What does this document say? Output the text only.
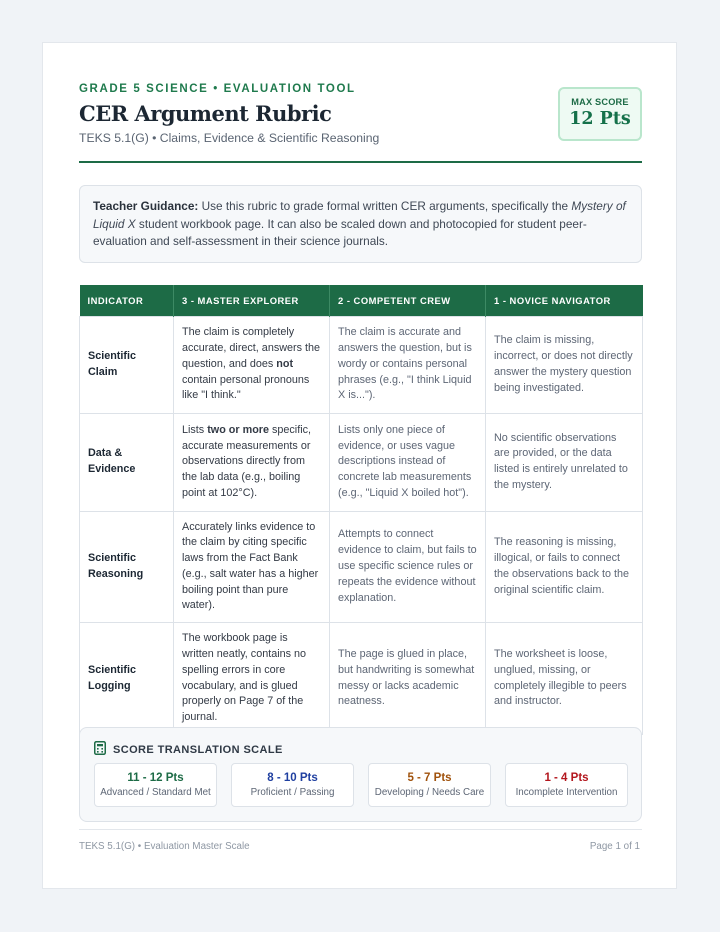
GRADE 5 SCIENCE • EVALUATION TOOL
CER Argument Rubric
TEKS 5.1(G) • Claims, Evidence & Scientific Reasoning
MAX SCORE
12 Pts
Teacher Guidance: Use this rubric to grade formal written CER arguments, specifically the Mystery of Liquid X student workbook page. It can also be scaled down and photocopied for student peer-evaluation and self-assessment in their science journals.
INDICATOR	3 - MASTER EXPLORER	2 - COMPETENT CREW	1 - NOVICE NAVIGATOR
Scientific Claim	The claim is completely accurate, direct, answers the question, and does not contain personal pronouns like "I think."	The claim is accurate and answers the question, but is wordy or contains personal phrases (e.g., "I think Liquid X is...").	The claim is missing, incorrect, or does not directly answer the mystery question being investigated.
Data & Evidence	Lists two or more specific, accurate measurements or observations directly from the lab data (e.g., boiling point at 102°C).	Lists only one piece of evidence, or uses vague descriptions instead of concrete lab measurements (e.g., "Liquid X boiled hot").	No scientific observations are provided, or the data listed is entirely unrelated to the mystery.
Scientific Reasoning	Accurately links evidence to the claim by citing specific laws from the Fact Bank (e.g., salt water has a higher boiling point than pure water).	Attempts to connect evidence to claim, but fails to use specific science rules or repeats the evidence without explanation.	The reasoning is missing, illogical, or fails to connect the observations back to the original scientific claim.
Scientific Logging	The workbook page is written neatly, contains no spelling errors in core vocabulary, and is glued properly on Page 7 of the journal.	The page is glued in place, but handwriting is somewhat messy or lacks academic neatness.	The worksheet is loose, unglued, missing, or completely illegible to peers and instructor.
SCORE TRANSLATION SCALE
11 - 12 Pts
Advanced / Standard Met
8 - 10 Pts
Proficient / Passing
5 - 7 Pts
Developing / Needs Care
1 - 4 Pts
Incomplete Intervention
TEKS 5.1(G) • Evaluation Master Scale	Page 1 of 1
